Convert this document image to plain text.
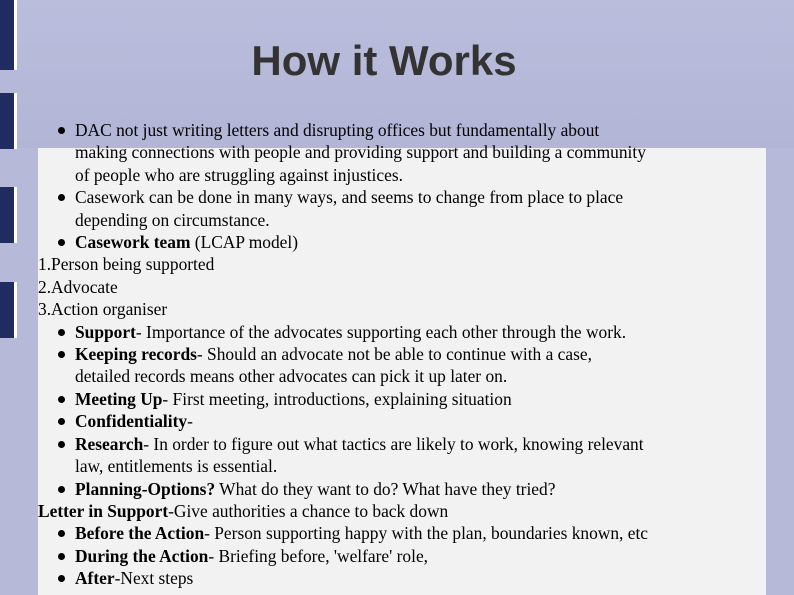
How it Works
DAC not just writing letters and disrupting offices but fundamentally about
making connections with people and providing support and building a community
of people who are struggling against injustices.
Casework can be done in many ways, and seems to change from place to place
depending on circumstance.
Casework team (LCAP model)
1.Person being supported
2.Advocate
3.Action organiser
Support- Importance of the advocates supporting each other through the work.
Keeping records- Should an advocate not be able to continue with a case,
detailed records means other advocates can pick it up later on.
Meeting Up- First meeting, introductions, explaining situation
Confidentiality-
Research- In order to figure out what tactics are likely to work, knowing relevant
law, entitlements is essential.
Planning-Options? What do they want to do? What have they tried?
Letter in Support-Give authorities a chance to back down
Before the Action- Person supporting happy with the plan, boundaries known, etc
During the Action- Briefing before, 'welfare' role,
After-Next steps
